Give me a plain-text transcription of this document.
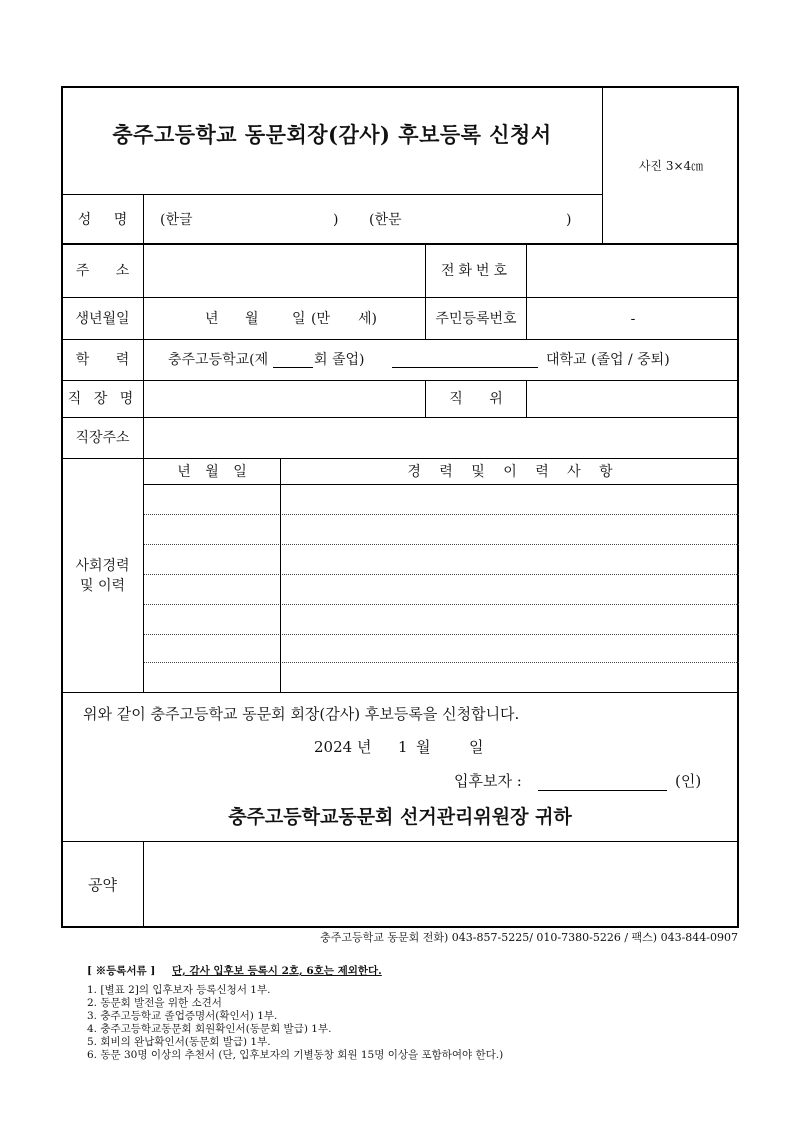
충주고등학교 동문회장(감사) 후보등록 신청서
사진 3×4㎝
성 명	(한글	) (한문	)
주 소	전화번호
생년월일	년 월 일 (만 세)	주민등록번호	-
학 력	충주고등학교(제	회 졸업)	대학교 (졸업 / 중퇴)
직 장 명	직 위
직장주소
사회경력
및 이력
년 월 일	경 력 및 이 력 사 항
위와 같이 충주고등학교 동문회 회장(감사) 후보등록을 신청합니다.
2024 년 1 월	일
입후보자 :	(인)
충주고등학교동문회 선거관리위원장 귀하
공약
충주고등학교 동문회 전화) 043-857-5225/ 010-7380-5226 / 팩스) 043-844-0907
[ ※등록서류 ] 단, 감사 입후보 등록시 2호, 6호는 제외한다.
1. [별표 2]의 입후보자 등록신청서 1부.
2. 동문회 발전을 위한 소견서
3. 충주고등학교 졸업증명서(확인서) 1부.
4. 충주고등학교동문회 회원확인서(동문회 발급) 1부.
5. 회비의 완납확인서(동문회 발급) 1부.
6. 동문 30명 이상의 추천서 (단, 입후보자의 기별동창 회원 15명 이상을 포함하여야 한다.)
